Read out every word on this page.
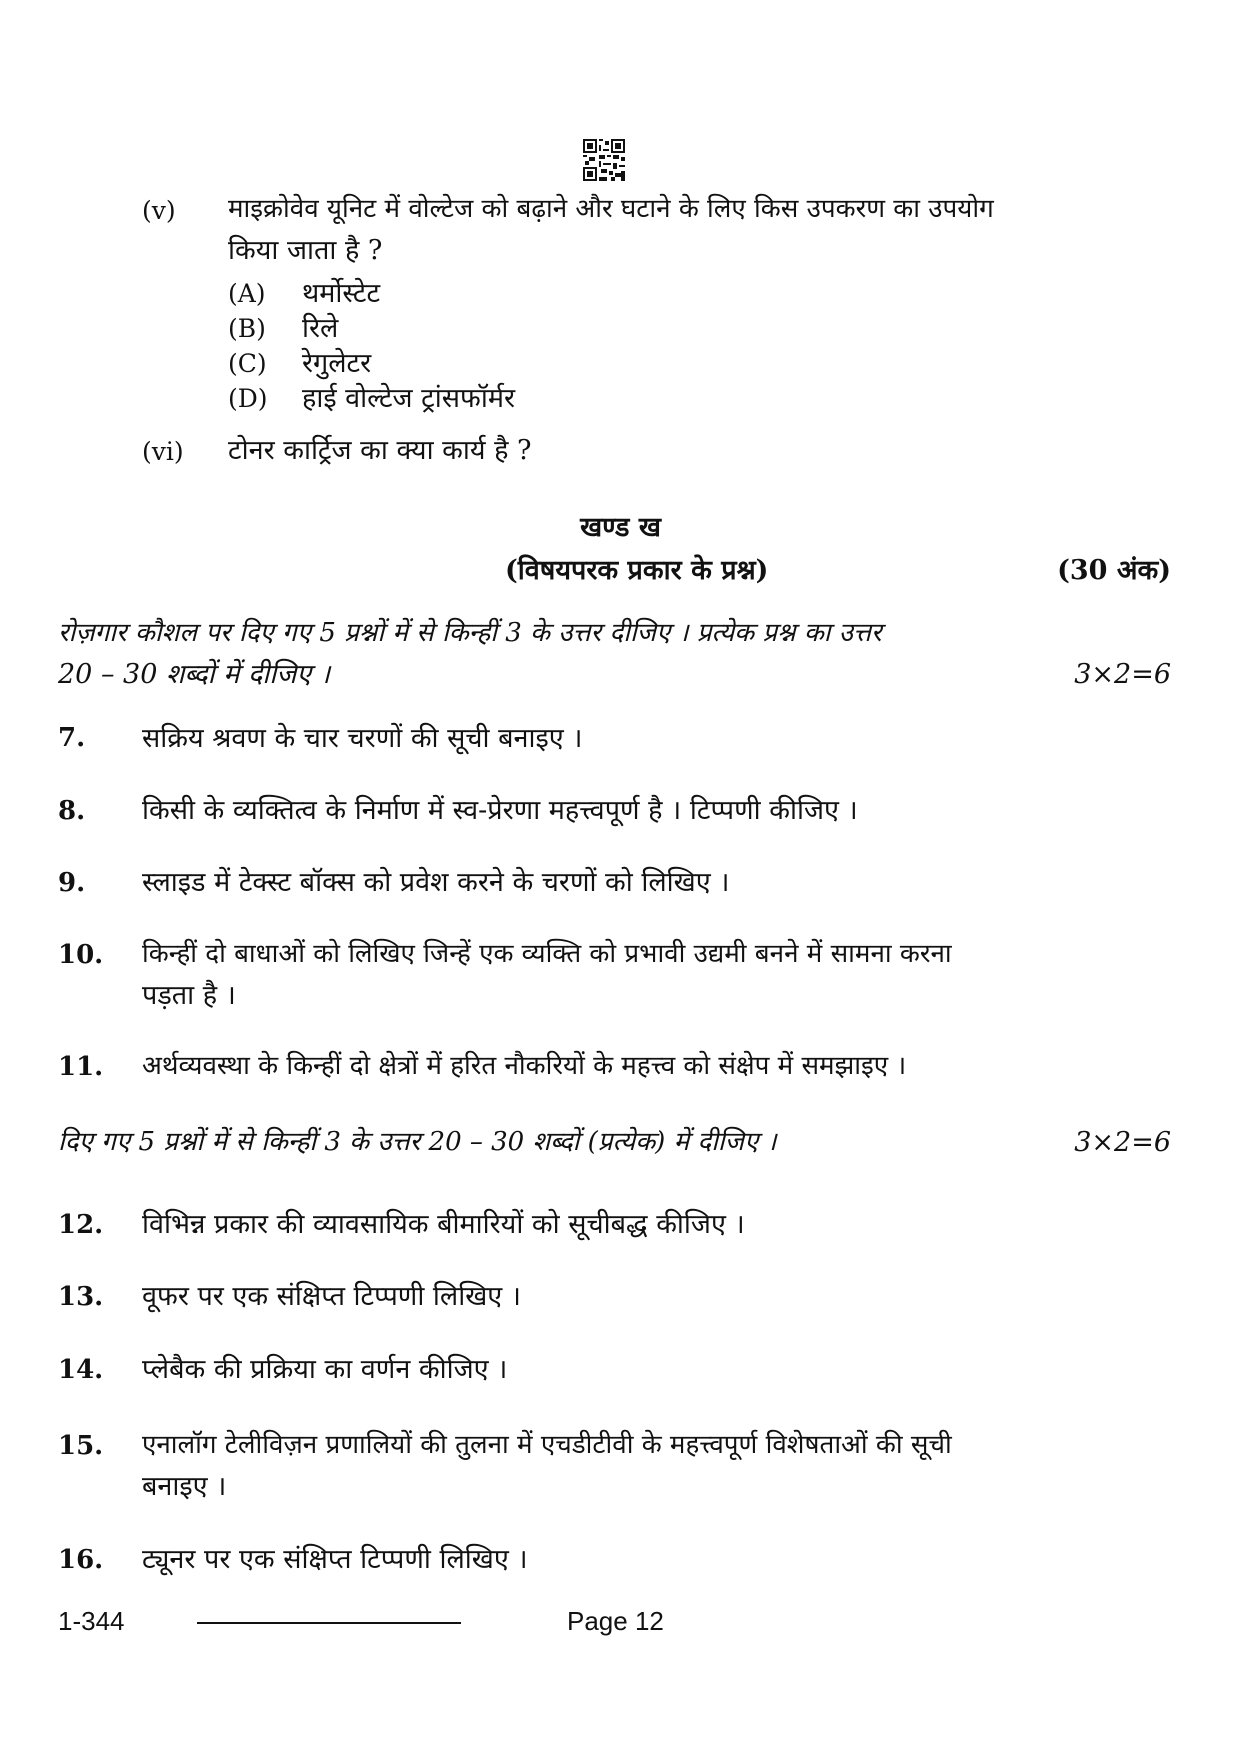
(v) माइक्रोवेव यूनिट में वोल्टेज को बढ़ाने और घटाने के लिए किस उपकरण का उपयोग
किया जाता है ?
(A)	थर्मोस्टेट
(B)	रिले
(C)	रेगुलेटर
(D)	हाई वोल्टेज ट्रांसफॉर्मर
(vi) टोनर कार्ट्रिज का क्या कार्य है ?
खण्ड ख
(विषयपरक प्रकार के प्रश्न)	(30 अंक)
रोज़गार कौशल पर दिए गए 5 प्रश्नों में से किन्हीं 3 के उत्तर दीजिए । प्रत्येक प्रश्न का उत्तर
20 – 30 शब्दों में दीजिए ।	3×2=6
7. सक्रिय श्रवण के चार चरणों की सूची बनाइए ।
8. किसी के व्यक्तित्व के निर्माण में स्व-प्रेरणा महत्त्वपूर्ण है । टिप्पणी कीजिए ।
9. स्लाइड में टेक्स्ट बॉक्स को प्रवेश करने के चरणों को लिखिए ।
10. किन्हीं दो बाधाओं को लिखिए जिन्हें एक व्यक्ति को प्रभावी उद्यमी बनने में सामना करना
पड़ता है ।
11. अर्थव्यवस्था के किन्हीं दो क्षेत्रों में हरित नौकरियों के महत्त्व को संक्षेप में समझाइए ।
दिए गए 5 प्रश्नों में से किन्हीं 3 के उत्तर 20 – 30 शब्दों (प्रत्येक) में दीजिए ।	3×2=6
12. विभिन्न प्रकार की व्यावसायिक बीमारियों को सूचीबद्ध कीजिए ।
13. वूफर पर एक संक्षिप्त टिप्पणी लिखिए ।
14. प्लेबैक की प्रक्रिया का वर्णन कीजिए ।
15. एनालॉग टेलीविज़न प्रणालियों की तुलना में एचडीटीवी के महत्त्वपूर्ण विशेषताओं की सूची
बनाइए ।
16. ट्यूनर पर एक संक्षिप्त टिप्पणी लिखिए ।
1-344	Page 12
